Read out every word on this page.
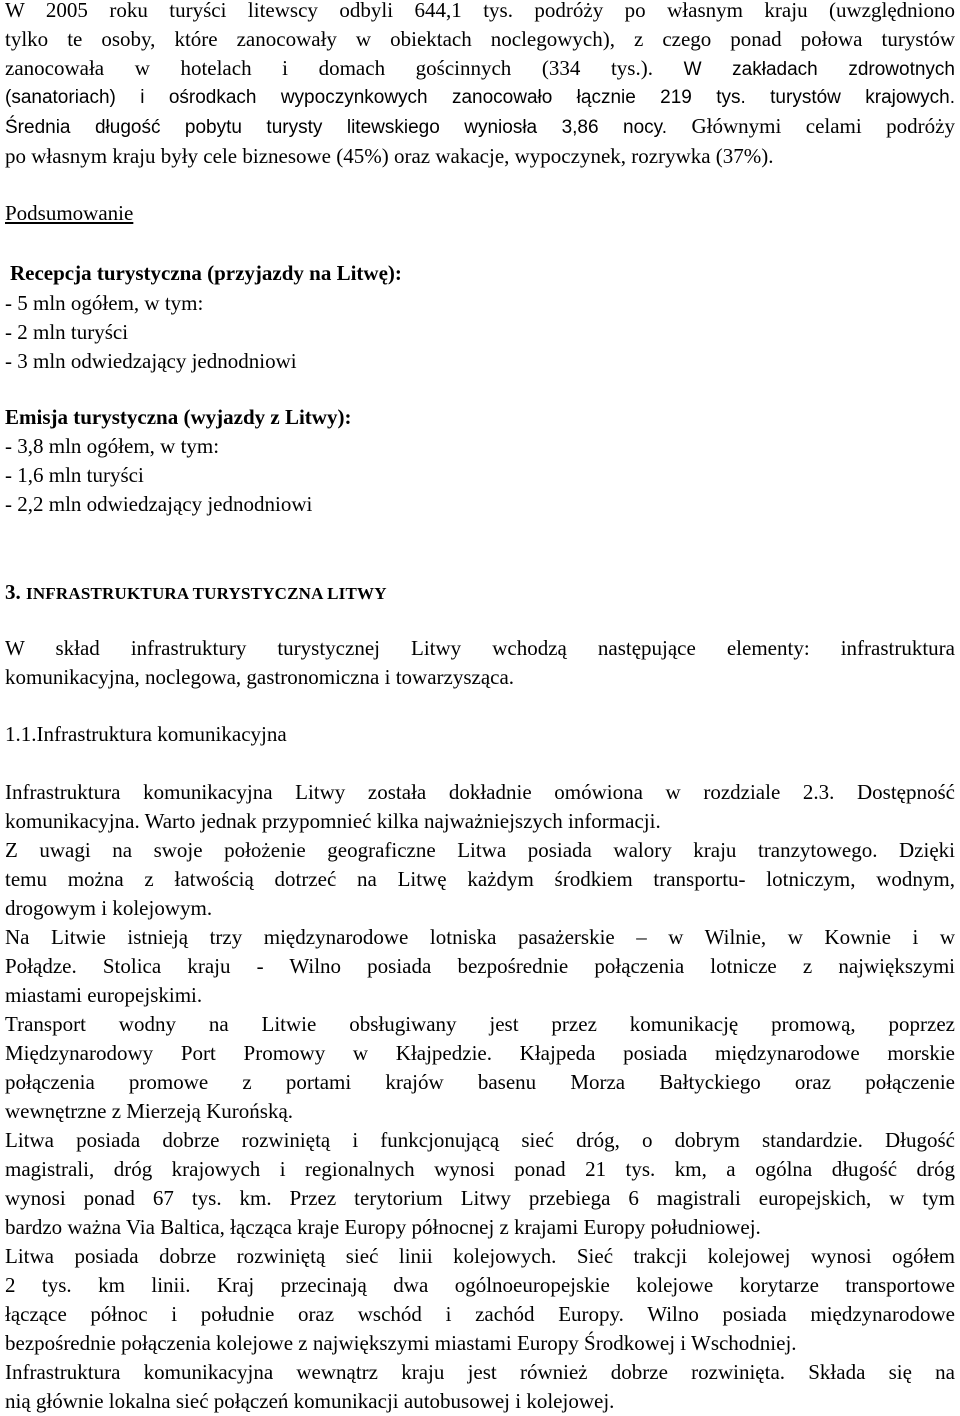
W 2005 roku turyści litewscy odbyli 644,1 tys. podróży po własnym kraju (uwzględniono
tylko te osoby, które zanocowały w obiektach noclegowych), z czego ponad połowa turystów
zanocowała w hotelach i domach gościnnych (334 tys.). W zakładach zdrowotnych
(sanatoriach) i ośrodkach wypoczynkowych zanocowało łącznie 219 tys. turystów krajowych.
Średnia długość pobytu turysty litewskiego wyniosła 3,86 nocy. Głównymi celami podróży
po własnym kraju były cele biznesowe (45%) oraz wakacje, wypoczynek, rozrywka (37%).
Podsumowanie
Recepcja turystyczna (przyjazdy na Litwę):
- 5 mln ogółem, w tym:
- 2 mln turyści
- 3 mln odwiedzający jednodniowi
Emisja turystyczna (wyjazdy z Litwy):
- 3,8 mln ogółem, w tym:
- 1,6 mln turyści
- 2,2 mln odwiedzający jednodniowi
3. INFRASTRUKTURA TURYSTYCZNA LITWY
W skład infrastruktury turystycznej Litwy wchodzą następujące elementy: infrastruktura
komunikacyjna, noclegowa, gastronomiczna i towarzysząca.
1.1.Infrastruktura komunikacyjna
Infrastruktura komunikacyjna Litwy została dokładnie omówiona w rozdziale 2.3. Dostępność
komunikacyjna. Warto jednak przypomnieć kilka najważniejszych informacji.
Z uwagi na swoje położenie geograficzne Litwa posiada walory kraju tranzytowego. Dzięki
temu można z łatwością dotrzeć na Litwę każdym środkiem transportu- lotniczym, wodnym,
drogowym i kolejowym.
Na Litwie istnieją trzy międzynarodowe lotniska pasażerskie – w Wilnie, w Kownie i w
Połądze. Stolica kraju - Wilno posiada bezpośrednie połączenia lotnicze z największymi
miastami europejskimi.
Transport wodny na Litwie obsługiwany jest przez komunikację promową, poprzez
Międzynarodowy Port Promowy w Kłajpedzie. Kłajpeda posiada międzynarodowe morskie
połączenia promowe z portami krajów basenu Morza Bałtyckiego oraz połączenie
wewnętrzne z Mierzeją Kurońską.
Litwa posiada dobrze rozwiniętą i funkcjonującą sieć dróg, o dobrym standardzie. Długość
magistrali, dróg krajowych i regionalnych wynosi ponad 21 tys. km, a ogólna długość dróg
wynosi ponad 67 tys. km. Przez terytorium Litwy przebiega 6 magistrali europejskich, w tym
bardzo ważna Via Baltica, łącząca kraje Europy północnej z krajami Europy południowej.
Litwa posiada dobrze rozwiniętą sieć linii kolejowych. Sieć trakcji kolejowej wynosi ogółem
2 tys. km linii. Kraj przecinają dwa ogólnoeuropejskie kolejowe korytarze transportowe
łączące północ i południe oraz wschód i zachód Europy. Wilno posiada międzynarodowe
bezpośrednie połączenia kolejowe z największymi miastami Europy Środkowej i Wschodniej.
Infrastruktura komunikacyjna wewnątrz kraju jest również dobrze rozwinięta. Składa się na
nią głównie lokalna sieć połączeń komunikacji autobusowej i kolejowej.
